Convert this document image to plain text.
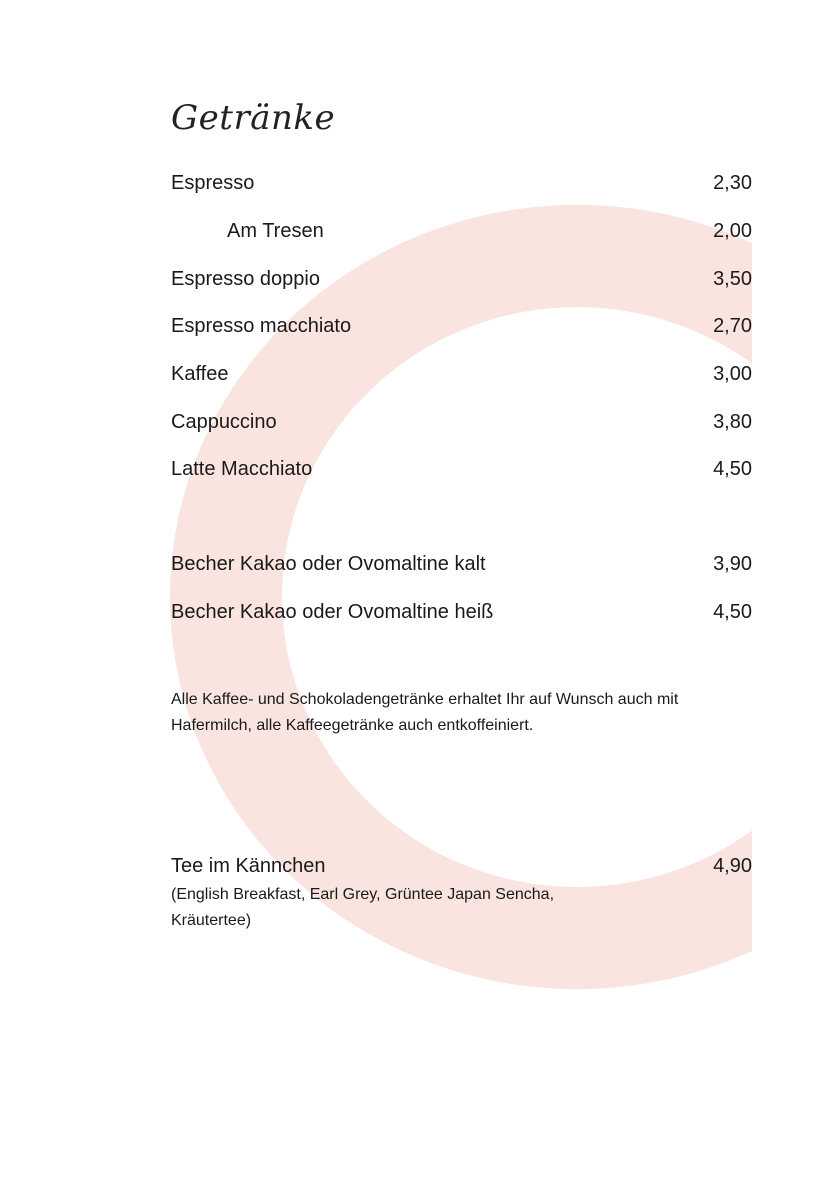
Getränke
Espresso	2,30
Am Tresen	2,00
Espresso doppio	3,50
Espresso macchiato	2,70
Kaffee	3,00
Cappuccino	3,80
Latte Macchiato	4,50
Becher Kakao oder Ovomaltine kalt	3,90
Becher Kakao oder Ovomaltine heiß	4,50
Alle Kaffee- und Schokoladengetränke erhaltet Ihr auf Wunsch auch mit Hafermilch, alle Kaffeegetränke auch entkoffeiniert.
Tee im Kännchen	4,90
(English Breakfast, Earl Grey, Grüntee Japan Sencha, Kräutertee)
